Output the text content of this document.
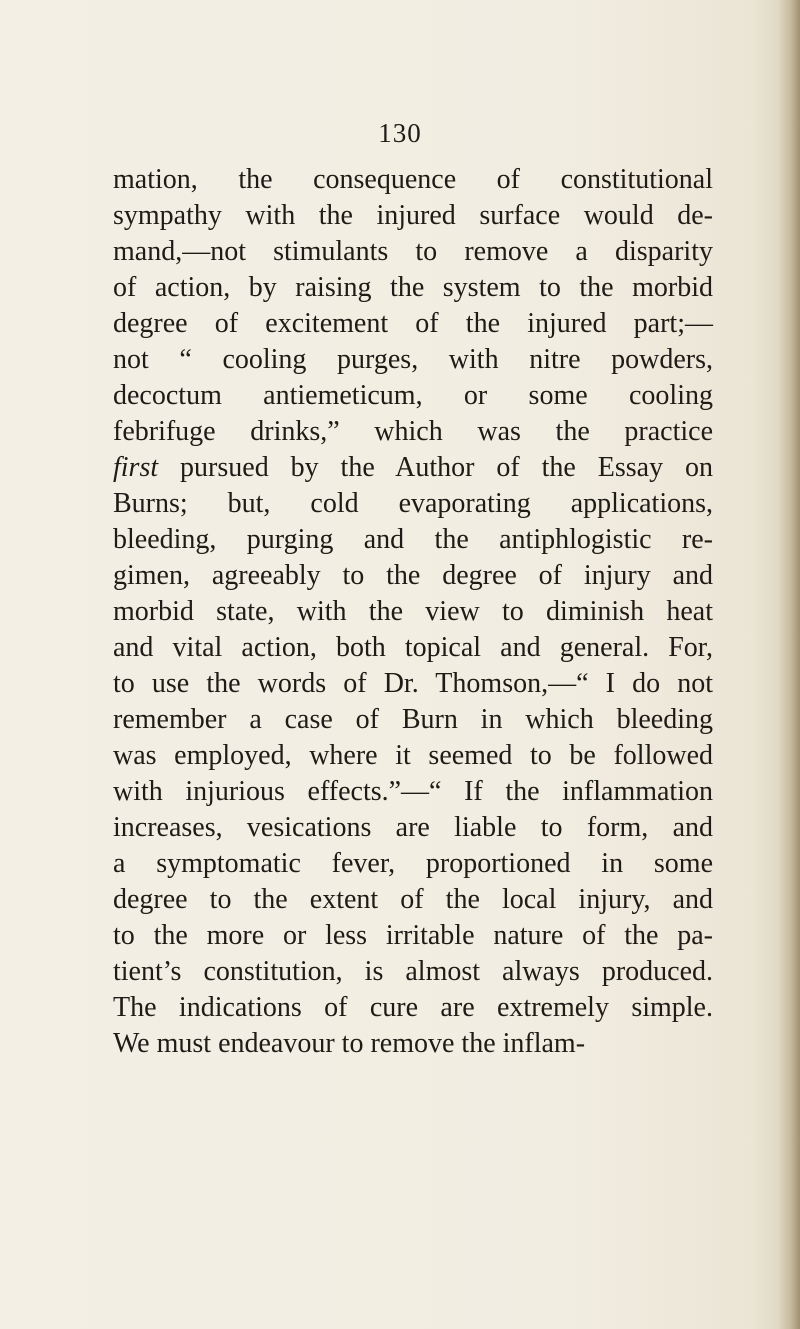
130
mation, the consequence of constitutional
sympathy with the injured surface would de-
mand,—not stimulants to remove a disparity
of action, by raising the system to the morbid
degree of excitement of the injured part;—
not “ cooling purges, with nitre powders,
decoctum antiemeticum, or some cooling
febrifuge drinks,” which was the practice
first pursued by the Author of the Essay on
Burns; but, cold evaporating applications,
bleeding, purging and the antiphlogistic re-
gimen, agreeably to the degree of injury and
morbid state, with the view to diminish heat
and vital action, both topical and general. For,
to use the words of Dr. Thomson,—“ I do not
remember a case of Burn in which bleeding
was employed, where it seemed to be followed
with injurious effects.”—“ If the inflammation
increases, vesications are liable to form, and
a symptomatic fever, proportioned in some
degree to the extent of the local injury, and
to the more or less irritable nature of the pa-
tient’s constitution, is almost always produced.
The indications of cure are extremely simple.
We must endeavour to remove the inflam-
